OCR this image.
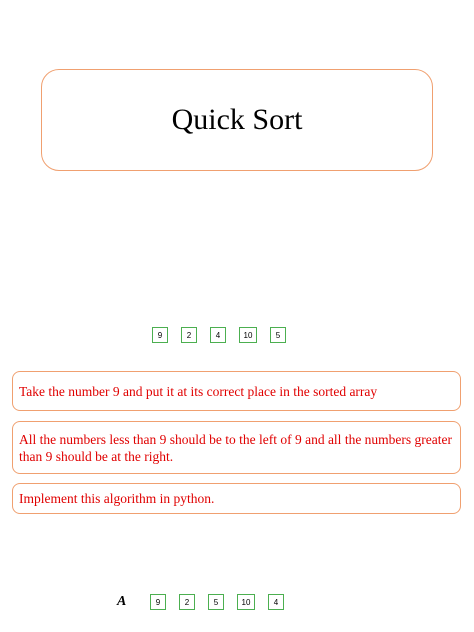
Quick Sort
9	2	4	10	5
Take the number 9 and put it at its correct place in the sorted array
All the numbers less than 9 should be to the left of 9 and all the numbers greater than 9 should be at the right.
Implement this algorithm in python.
A	9	2	5	10	4
